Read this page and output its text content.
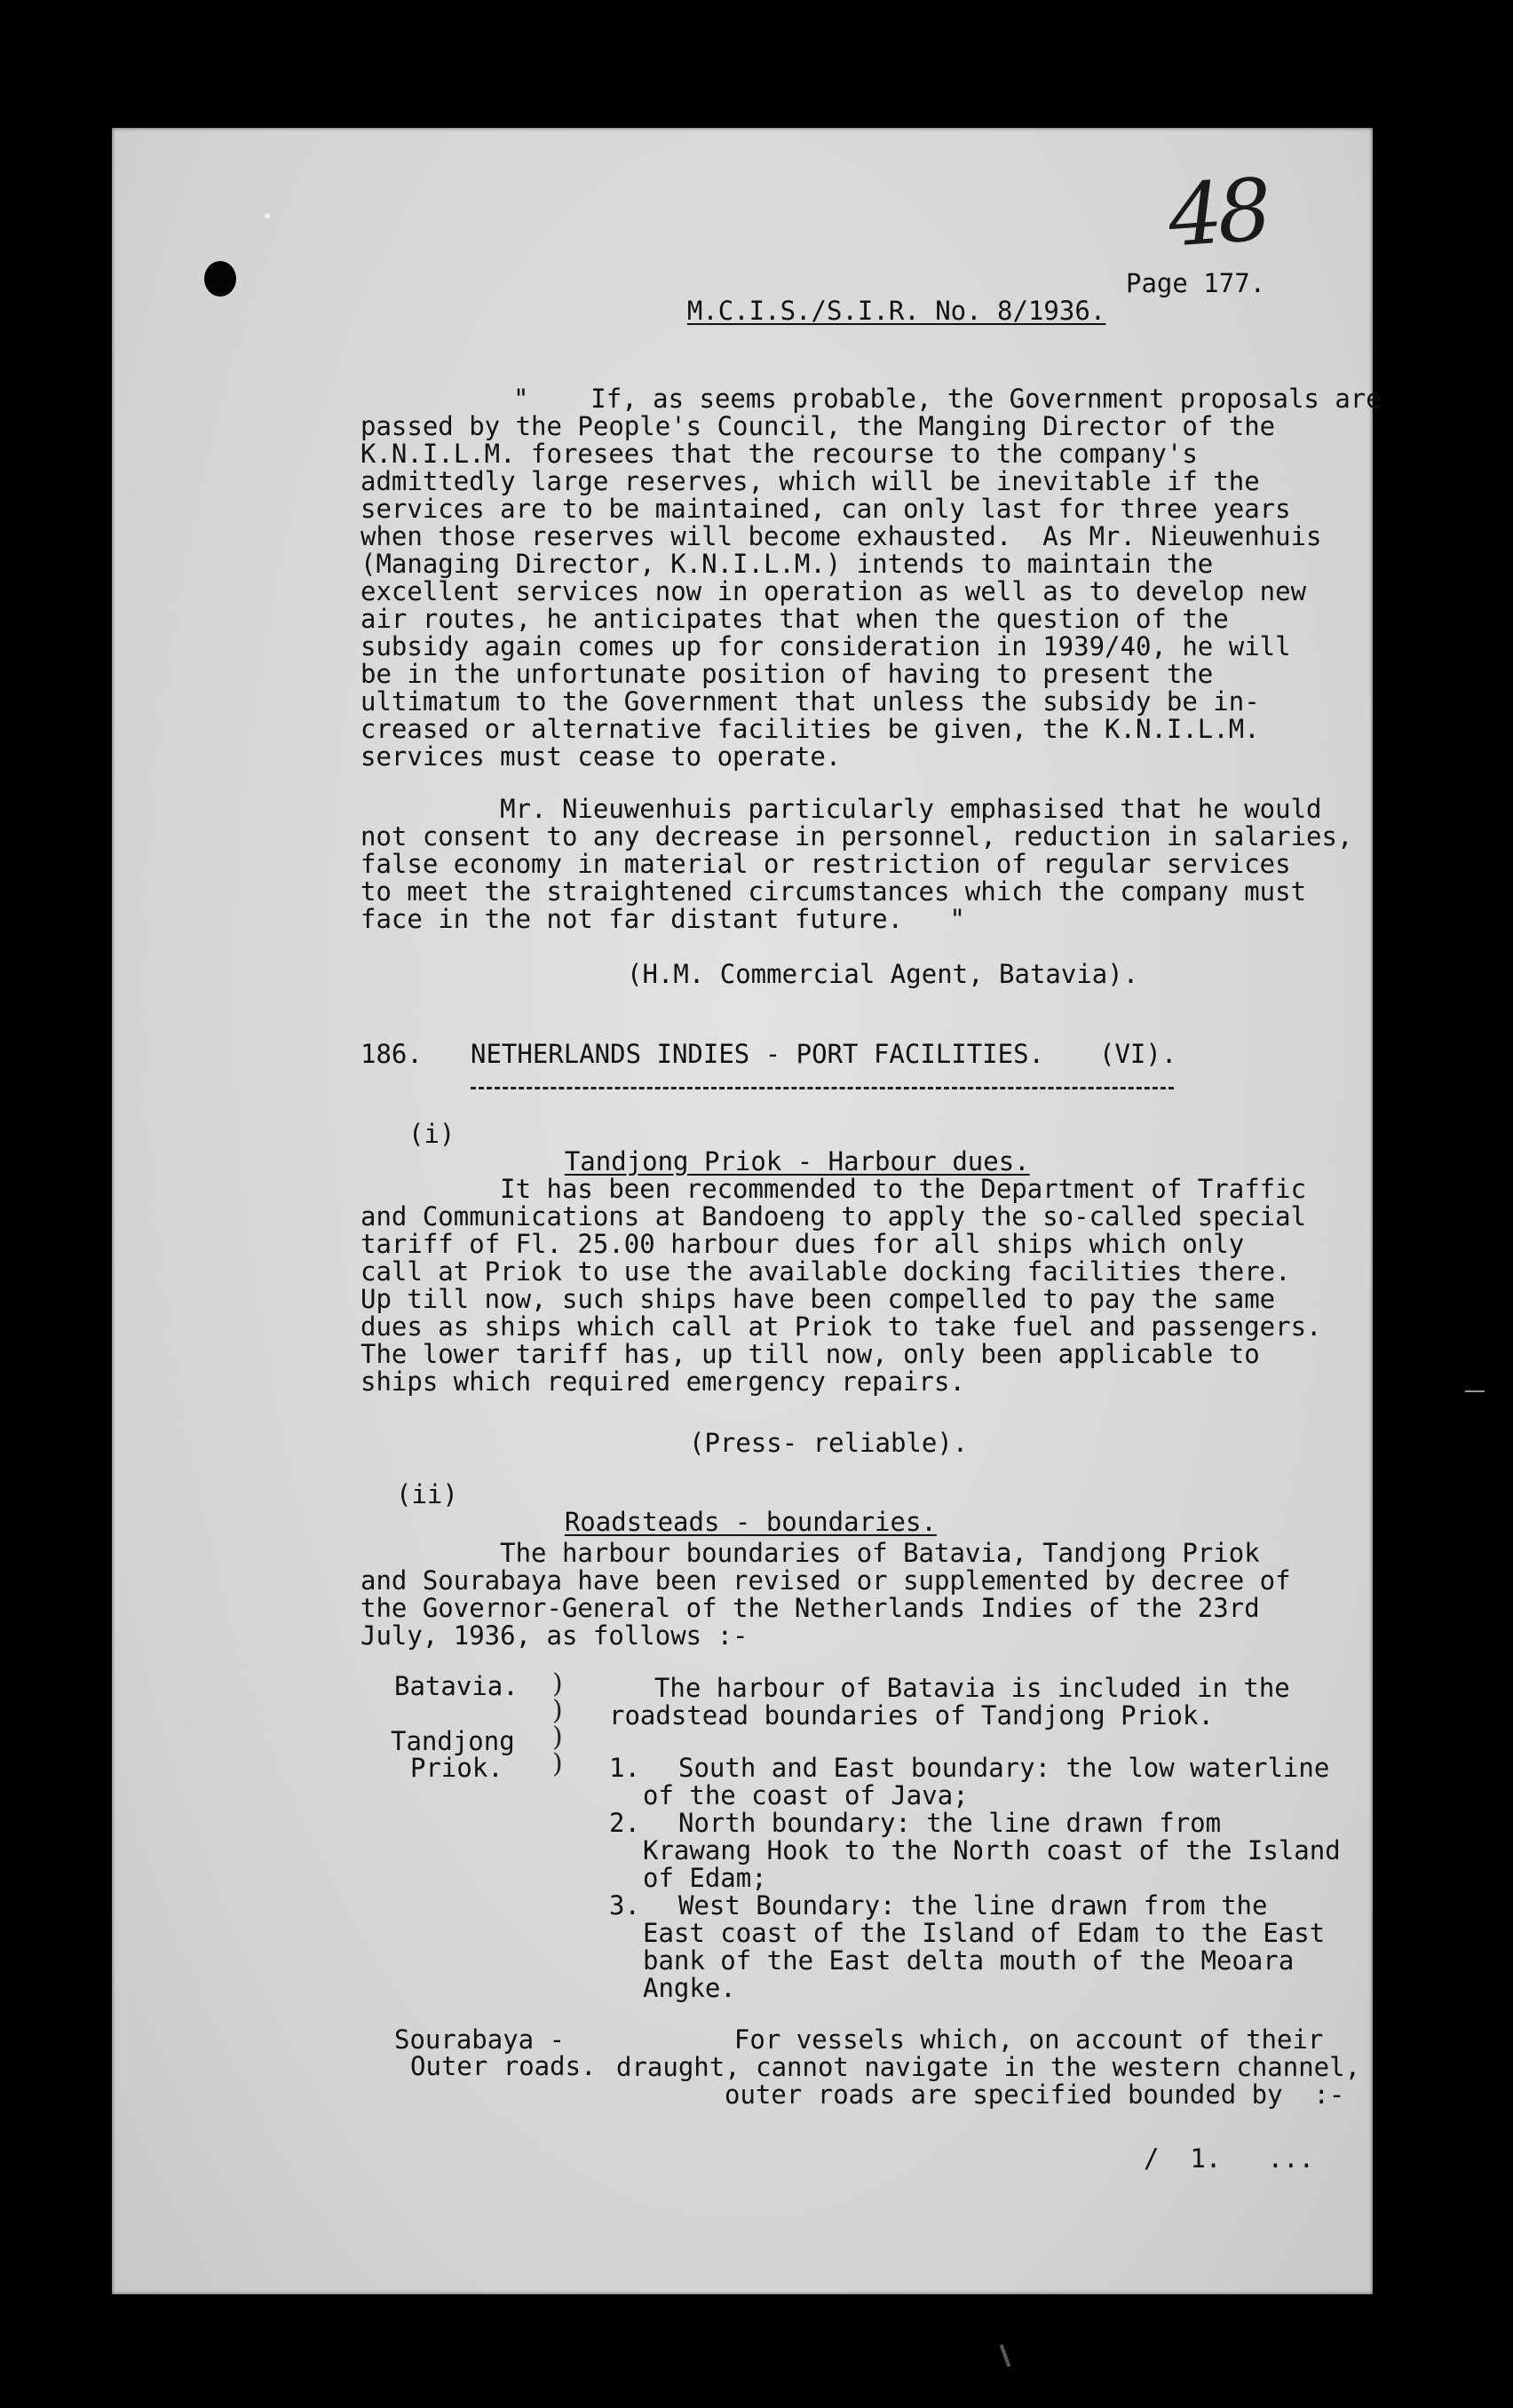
48

M.C.I.S./S.I.R. No. 8/1936.

Page 177.
"    If, as seems probable, the Government proposals are
passed by the People's Council, the Manging Director of the
K.N.I.L.M. foresees that the recourse to the company's
admittedly large reserves, which will be inevitable if the
services are to be maintained, can only last for three years
when those reserves will become exhausted.  As Mr. Nieuwenhuis
(Managing Director, K.N.I.L.M.) intends to maintain the
excellent services now in operation as well as to develop new
air routes, he anticipates that when the question of the
subsidy again comes up for consideration in 1939/40, he will
be in the unfortunate position of having to present the
ultimatum to the Government that unless the subsidy be in-
creased or alternative facilities be given, the K.N.I.L.M.
services must cease to operate.
Mr. Nieuwenhuis particularly emphasised that he would
not consent to any decrease in personnel, reduction in salaries,
false economy in material or restriction of regular services
to meet the straightened circumstances which the company must
face in the not far distant future.   "
(H.M. Commercial Agent, Batavia).
186. NETHERLANDS INDIES - PORT FACILITIES. (VI).
(i)

Tandjong Priok - Harbour dues.

It has been recommended to the Department of Traffic
and Communications at Bandoeng to apply the so-called special
tariff of Fl. 25.00 harbour dues for all ships which only
call at Priok to use the available docking facilities there.
Up till now, such ships have been compelled to pay the same
dues as ships which call at Priok to take fuel and passengers.
The lower tariff has, up till now, only been applicable to
ships which required emergency repairs.
(Press- reliable).
(ii)

Roadsteads - boundaries.

The harbour boundaries of Batavia, Tandjong Priok
and Sourabaya have been revised or supplemented by decree of
the Governor-General of the Netherlands Indies of the 23rd
July, 1936, as follows :-
Batavia.
Tandjong
Priok.
)
)
)
)
The harbour of Batavia is included in the
roadstead boundaries of Tandjong Priok.
1. South and East boundary: the low waterline
of the coast of Java;
2. North boundary: the line drawn from
Krawang Hook to the North coast of the Island
of Edam;
3. West Boundary: the line drawn from the
East coast of the Island of Edam to the East
bank of the East delta mouth of the Meoara
Angke.
Sourabaya -
Outer roads.
For vessels which, on account of their
draught, cannot navigate in the western channel,
outer roads are specified bounded by  :-
/  1.   ...
